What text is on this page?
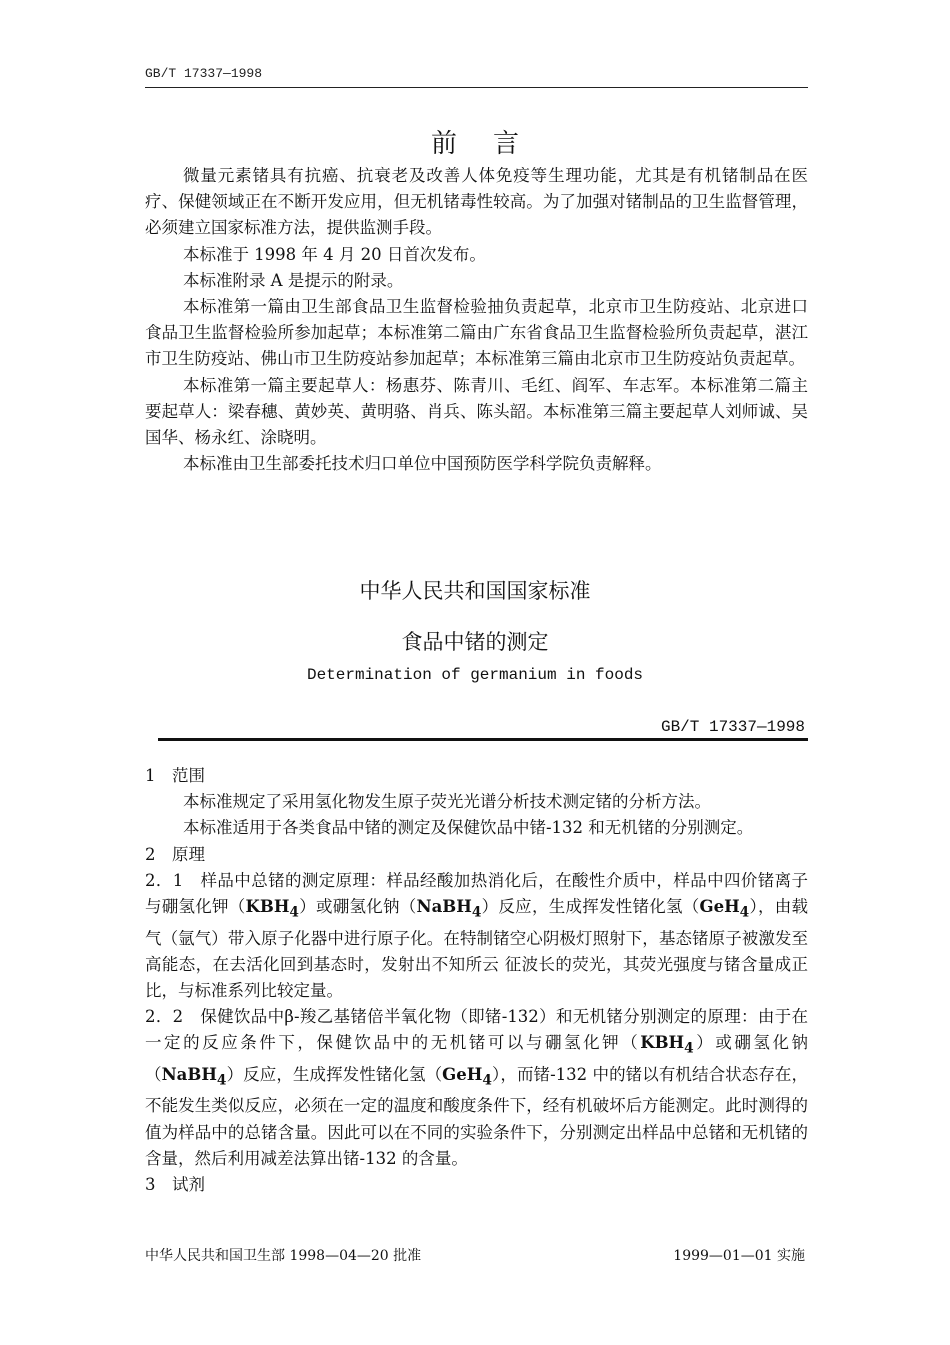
GB/T 17337—1998
前言

微量元素锗具有抗癌、抗衰老及改善人体免疫等生理功能，尤其是有机锗制品在医疗、保健领域正在不断开发应用，但无机锗毒性较高。为了加强对锗制品的卫生监督管理，必须建立国家标准方法，提供监测手段。

本标准于 1998 年 4 月 20 日首次发布。

本标准附录 A 是提示的附录。

本标准第一篇由卫生部食品卫生监督检验抽负责起草，北京市卫生防疫站、北京进口食品卫生监督检验所参加起草；本标准第二篇由广东省食品卫生监督检验所负责起草，湛江市卫生防疫站、佛山市卫生防疫站参加起草；本标准第三篇由北京市卫生防疫站负责起草。

本标准第一篇主要起草人：杨惠芬、陈青川、毛红、阎军、车志军。本标准第二篇主要起草人：梁春穗、黄妙英、黄明骆、肖兵、陈头韶。本标准第三篇主要起草人刘师诚、吴国华、杨永红、涂晓明。

本标准由卫生部委托技术归口单位中国预防医学科学院负责解释。

中华人民共和国国家标准
食品中锗的测定
Determination of germanium in foods
GB/T 17337—1998

1　范围

本标准规定了采用氢化物发生原子荧光光谱分析技术测定锗的分析方法。

本标准适用于各类食品中锗的测定及保健饮品中锗-132 和无机锗的分别测定。

2　原理

2．1　样品中总锗的测定原理：样品经酸加热消化后，在酸性介质中，样品中四价锗离子与硼氢化钾$(KBH_4)$或硼氢化钠（NaBH$_4$）反应，生成挥发性锗化氢（GeH$_4$），由载气（氩气）带入原子化器中进行原子化。在特制锗空心阴极灯照射下，基态锗原子被激发至高能态，在去活化回到基态时，发射出不知所云 征波长的荧光，其荧光强度与锗含量成正比，与标准系列比较定量。

2．2　保健饮品中β-羧乙基锗倍半氧化物（即锗-132）和无机锗分别测定的原理：由于在一定的反应条件下，保健饮品中的无机锗可以与硼氢化钾$(KBH_4)$或硼氢化钠（NaBH$_4$）反应，生成挥发性锗化氢（GeH$_4$），而锗-132 中的锗以有机结合状态存在，不能发生类似反应，必须在一定的温度和酸度条件下，经有机破坏后方能测定。此时测得的值为样品中的总锗含量。因此可以在不同的实验条件下，分别测定出样品中总锗和无机锗的含量，然后利用减差法算出锗-132 的含量。

3　试剂

中华人民共和国卫生部 1998—04—20 批准	1999—01—01 实施
